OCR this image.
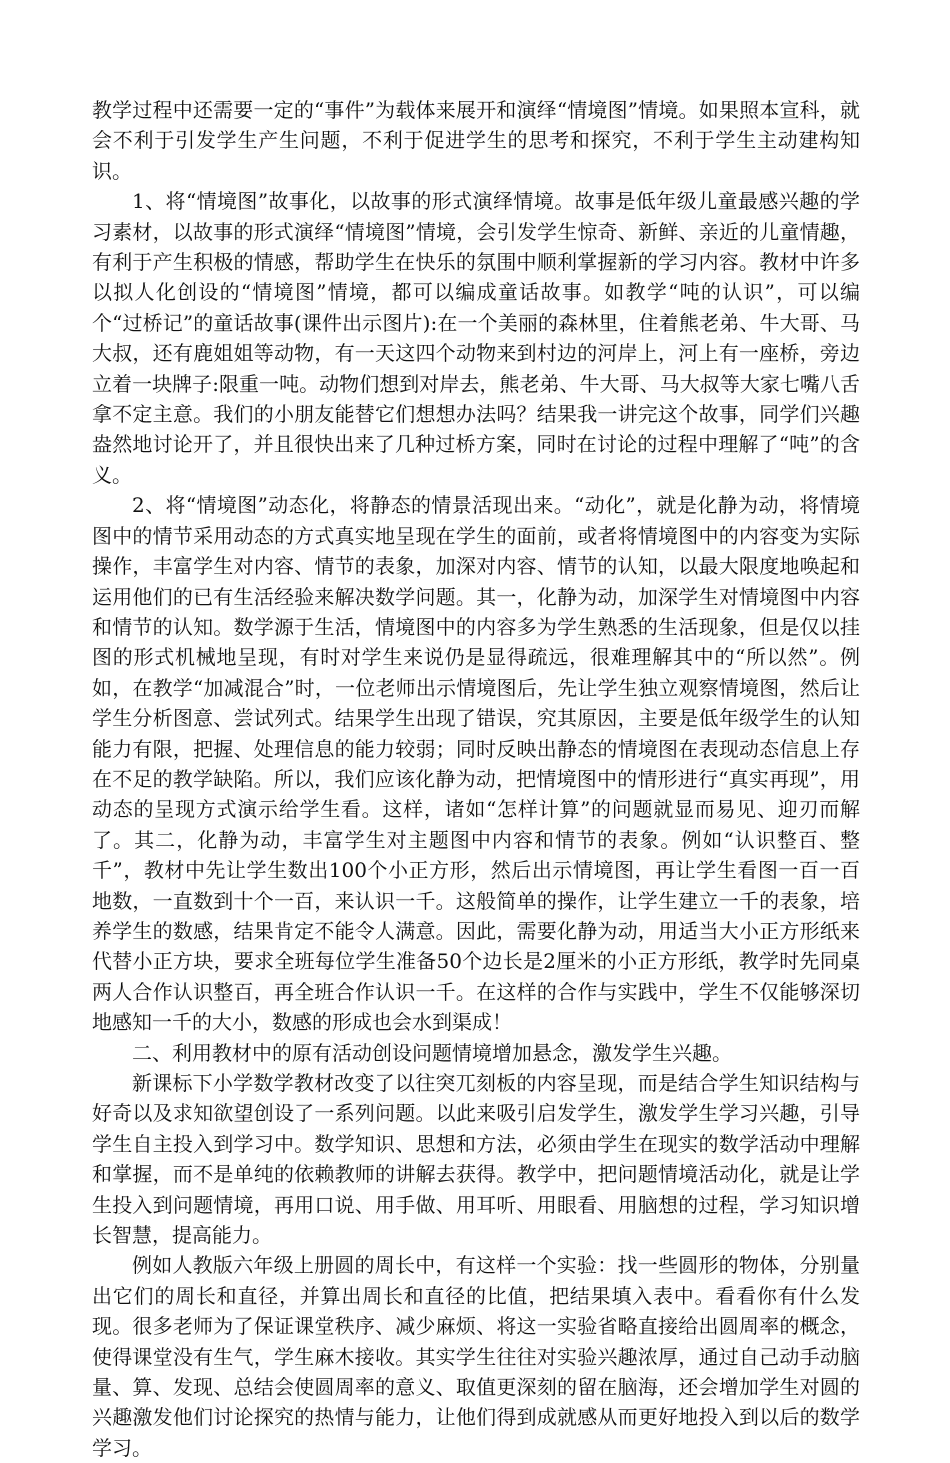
教学过程中还需要一定的“事件”为载体来展开和演绎“情境图”情境。如果照本宣科，就会不利于引发学生产生问题，不利于促进学生的思考和探究，不利于学生主动建构知识。

1、将“情境图”故事化，以故事的形式演绎情境。故事是低年级儿童最感兴趣的学习素材，以故事的形式演绎“情境图”情境，会引发学生惊奇、新鲜、亲近的儿童情趣，有利于产生积极的情感，帮助学生在快乐的氛围中顺利掌握新的学习内容。教材中许多以拟人化创设的“情境图”情境，都可以编成童话故事。如教学“吨的认识”，可以编个“过桥记”的童话故事(课件出示图片):在一个美丽的森林里，住着熊老弟、牛大哥、马大叔，还有鹿姐姐等动物，有一天这四个动物来到村边的河岸上，河上有一座桥，旁边立着一块牌子:限重一吨。动物们想到对岸去，熊老弟、牛大哥、马大叔等大家七嘴八舌拿不定主意。我们的小朋友能替它们想想办法吗？结果我一讲完这个故事，同学们兴趣盎然地讨论开了，并且很快出来了几种过桥方案，同时在讨论的过程中理解了“吨”的含义。

2、将“情境图”动态化，将静态的情景活现出来。“动化”，就是化静为动，将情境图中的情节采用动态的方式真实地呈现在学生的面前，或者将情境图中的内容变为实际操作，丰富学生对内容、情节的表象，加深对内容、情节的认知，以最大限度地唤起和运用他们的已有生活经验来解决数学问题。其一，化静为动，加深学生对情境图中内容和情节的认知。数学源于生活，情境图中的内容多为学生熟悉的生活现象，但是仅以挂图的形式机械地呈现，有时对学生来说仍是显得疏远，很难理解其中的“所以然”。例如，在教学“加减混合”时，一位老师出示情境图后，先让学生独立观察情境图，然后让学生分析图意、尝试列式。结果学生出现了错误，究其原因，主要是低年级学生的认知能力有限，把握、处理信息的能力较弱；同时反映出静态的情境图在表现动态信息上存在不足的教学缺陷。所以，我们应该化静为动，把情境图中的情形进行“真实再现”，用动态的呈现方式演示给学生看。这样，诸如“怎样计算”的问题就显而易见、迎刃而解了。其二，化静为动，丰富学生对主题图中内容和情节的表象。例如“认识整百、整千”，教材中先让学生数出100个小正方形，然后出示情境图，再让学生看图一百一百地数，一直数到十个一百，来认识一千。这般简单的操作，让学生建立一千的表象，培养学生的数感，结果肯定不能令人满意。因此，需要化静为动，用适当大小正方形纸来代替小正方块，要求全班每位学生准备50个边长是2厘米的小正方形纸，教学时先同桌两人合作认识整百，再全班合作认识一千。在这样的合作与实践中，学生不仅能够深切地感知一千的大小，数感的形成也会水到渠成！

二、利用教材中的原有活动创设问题情境增加悬念，激发学生兴趣。

新课标下小学数学教材改变了以往突兀刻板的内容呈现，而是结合学生知识结构与好奇以及求知欲望创设了一系列问题。以此来吸引启发学生，激发学生学习兴趣，引导学生自主投入到学习中。数学知识、思想和方法，必须由学生在现实的数学活动中理解和掌握，而不是单纯的依赖教师的讲解去获得。教学中，把问题情境活动化，就是让学生投入到问题情境，再用口说、用手做、用耳听、用眼看、用脑想的过程，学习知识增长智慧，提高能力。

例如人教版六年级上册圆的周长中，有这样一个实验：找一些圆形的物体，分别量出它们的周长和直径，并算出周长和直径的比值，把结果填入表中。看看你有什么发现。很多老师为了保证课堂秩序、减少麻烦、将这一实验省略直接给出圆周率的概念，使得课堂没有生气，学生麻木接收。其实学生往往对实验兴趣浓厚，通过自己动手动脑量、算、发现、总结会使圆周率的意义、取值更深刻的留在脑海，还会增加学生对圆的兴趣激发他们讨论探究的热情与能力，让他们得到成就感从而更好地投入到以后的数学学习。
